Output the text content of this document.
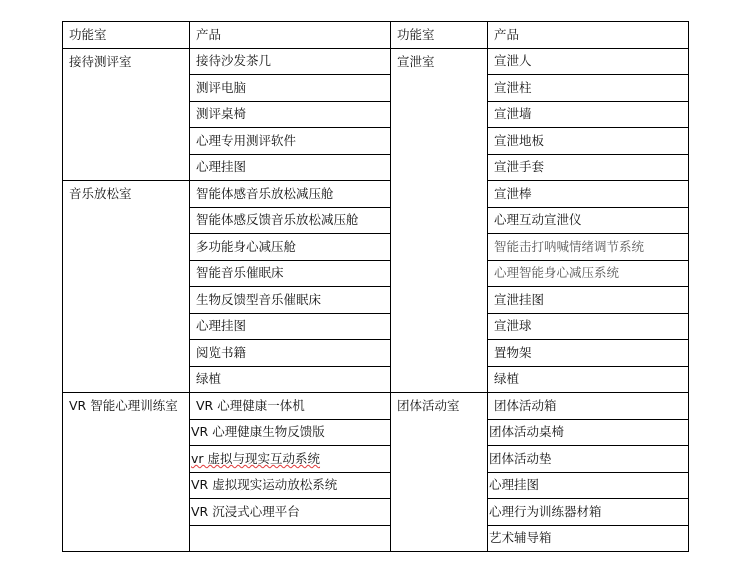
功能室	产品	功能室	产品
接待测评室	接待沙发茶几	宣泄室	宣泄人
	测评电脑		宣泄柱
	测评桌椅		宣泄墙
	心理专用测评软件		宣泄地板
	心理挂图		宣泄手套
音乐放松室	智能体感音乐放松减压舱		宣泄棒
	智能体感反馈音乐放松减压舱		心理互动宣泄仪
	多功能身心减压舱		智能击打呐喊情绪调节系统
	智能音乐催眠床		心理智能身心减压系统
	生物反馈型音乐催眠床		宣泄挂图
	心理挂图		宣泄球
	阅览书籍		置物架
	绿植		绿植
VR 智能心理训练室	VR 心理健康一体机	团体活动室	团体活动箱
	VR 心理健康生物反馈版		团体活动桌椅
	vr 虚拟与现实互动系统		团体活动垫
	VR 虚拟现实运动放松系统		心理挂图
	VR 沉浸式心理平台		心理行为训练器材箱
			艺术辅导箱
